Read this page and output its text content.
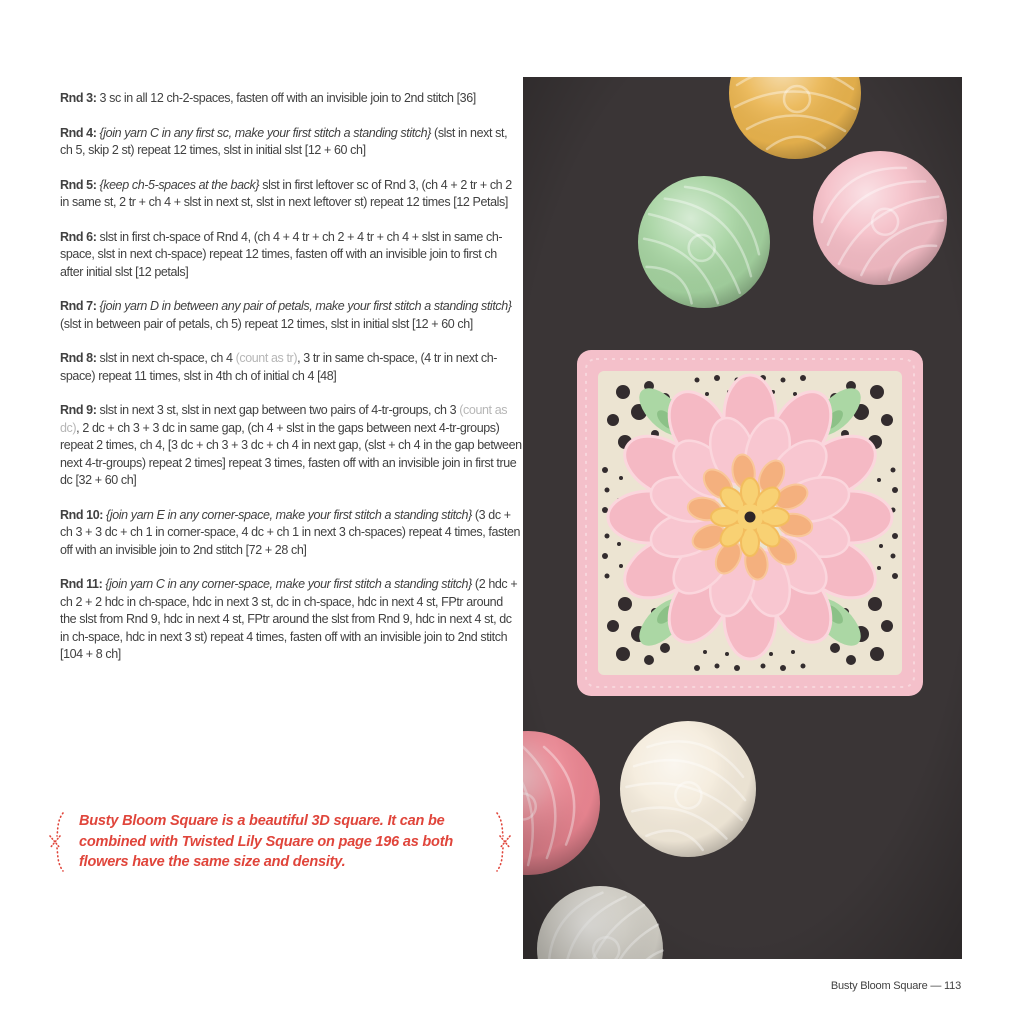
Rnd 3: 3 sc in all 12 ch-2-spaces, fasten off with an invisible join to 2nd stitch [36]

Rnd 4: {join yarn C in any first sc, make your first stitch a standing stitch} (slst in next st, ch 5, skip 2 st) repeat 12 times, slst in initial slst [12 + 60 ch]

Rnd 5: {keep ch-5-spaces at the back} slst in first leftover sc of Rnd 3, (ch 4 + 2 tr + ch 2 in same st, 2 tr + ch 4 + slst in next st, slst in next leftover st) repeat 12 times [12 Petals]

Rnd 6: slst in first ch-space of Rnd 4, (ch 4 + 4 tr + ch 2 + 4 tr + ch 4 + slst in same ch-space, slst in next ch-space) repeat 12 times, fasten off with an invisible join to first ch after initial slst [12 petals]

Rnd 7: {join yarn D in between any pair of petals, make your first stitch a standing stitch} (slst in between pair of petals, ch 5) repeat 12 times, slst in initial slst [12 + 60 ch]

Rnd 8: slst in next ch-space, ch 4 (count as tr), 3 tr in same ch-space, (4 tr in next ch-space) repeat 11 times, slst in 4th ch of initial ch 4 [48]

Rnd 9: slst in next 3 st, slst in next gap between two pairs of 4-tr-groups, ch 3 (count as dc), 2 dc + ch 3 + 3 dc in same gap, (ch 4 + slst in the gaps between next 4-tr-groups) repeat 2 times, ch 4, [3 dc + ch 3 + 3 dc + ch 4 in next gap, (slst + ch 4 in the gap between next 4-tr-groups) repeat 2 times] repeat 3 times, fasten off with an invisible join in first true dc [32 + 60 ch]

Rnd 10: {join yarn E in any corner-space, make your first stitch a standing stitch} (3 dc + ch 3 + 3 dc + ch 1 in corner-space, 4 dc + ch 1 in next 3 ch-spaces) repeat 4 times, fasten off with an invisible join to 2nd stitch [72 + 28 ch]

Rnd 11: {join yarn C in any corner-space, make your first stitch a standing stitch} (2 hdc + ch 2 + 2 hdc in ch-space, hdc in next 3 st, dc in ch-space, hdc in next 4 st, FPtr around the slst from Rnd 9, hdc in next 4 st, FPtr around the slst from Rnd 9, hdc in next 4 st, dc in ch-space, hdc in next 3 st) repeat 4 times, fasten off with an invisible join to 2nd stitch [104 + 8 ch]

Busty Bloom Square is a beautiful 3D square. It can be combined with Twisted Lily Square on page 196 as both flowers have the same size and density.

Busty Bloom Square — 113
